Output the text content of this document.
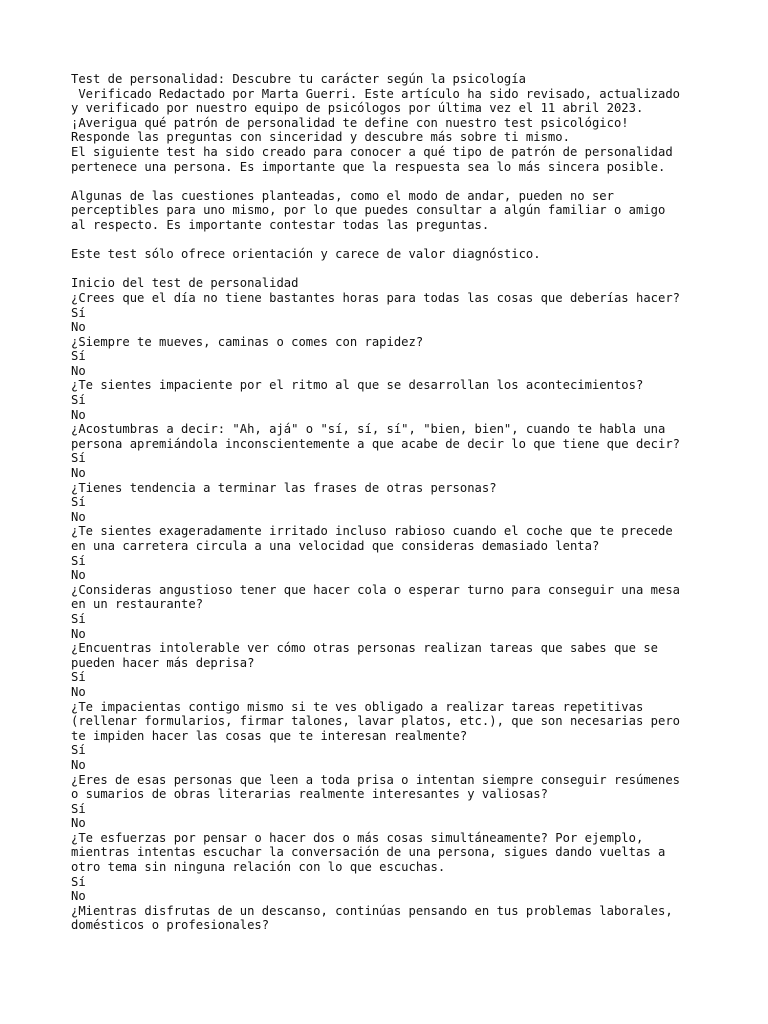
Test de personalidad: Descubre tu carácter según la psicología
Verificado Redactado por Marta Guerri. Este artículo ha sido revisado, actualizado
y verificado por nuestro equipo de psicólogos por última vez el 11 abril 2023.
¡Averigua qué patrón de personalidad te define con nuestro test psicológico!
Responde las preguntas con sinceridad y descubre más sobre ti mismo.
El siguiente test ha sido creado para conocer a qué tipo de patrón de personalidad
pertenece una persona. Es importante que la respuesta sea lo más sincera posible.
Algunas de las cuestiones planteadas, como el modo de andar, pueden no ser
perceptibles para uno mismo, por lo que puedes consultar a algún familiar o amigo
al respecto. Es importante contestar todas las preguntas.
Este test sólo ofrece orientación y carece de valor diagnóstico.
Inicio del test de personalidad
¿Crees que el día no tiene bastantes horas para todas las cosas que deberías hacer?
Sí
No
¿Siempre te mueves, caminas o comes con rapidez?
Sí
No
¿Te sientes impaciente por el ritmo al que se desarrollan los acontecimientos?
Sí
No
¿Acostumbras a decir: "Ah, ajá" o "sí, sí, sí", "bien, bien", cuando te habla una
persona apremiándola inconscientemente a que acabe de decir lo que tiene que decir?
Sí
No
¿Tienes tendencia a terminar las frases de otras personas?
Sí
No
¿Te sientes exageradamente irritado incluso rabioso cuando el coche que te precede
en una carretera circula a una velocidad que consideras demasiado lenta?
Sí
No
¿Consideras angustioso tener que hacer cola o esperar turno para conseguir una mesa
en un restaurante?
Sí
No
¿Encuentras intolerable ver cómo otras personas realizan tareas que sabes que se
pueden hacer más deprisa?
Sí
No
¿Te impacientas contigo mismo si te ves obligado a realizar tareas repetitivas
(rellenar formularios, firmar talones, lavar platos, etc.), que son necesarias pero
te impiden hacer las cosas que te interesan realmente?
Sí
No
¿Eres de esas personas que leen a toda prisa o intentan siempre conseguir resúmenes
o sumarios de obras literarias realmente interesantes y valiosas?
Sí
No
¿Te esfuerzas por pensar o hacer dos o más cosas simultáneamente? Por ejemplo,
mientras intentas escuchar la conversación de una persona, sigues dando vueltas a
otro tema sin ninguna relación con lo que escuchas.
Sí
No
¿Mientras disfrutas de un descanso, continúas pensando en tus problemas laborales,
domésticos o profesionales?
